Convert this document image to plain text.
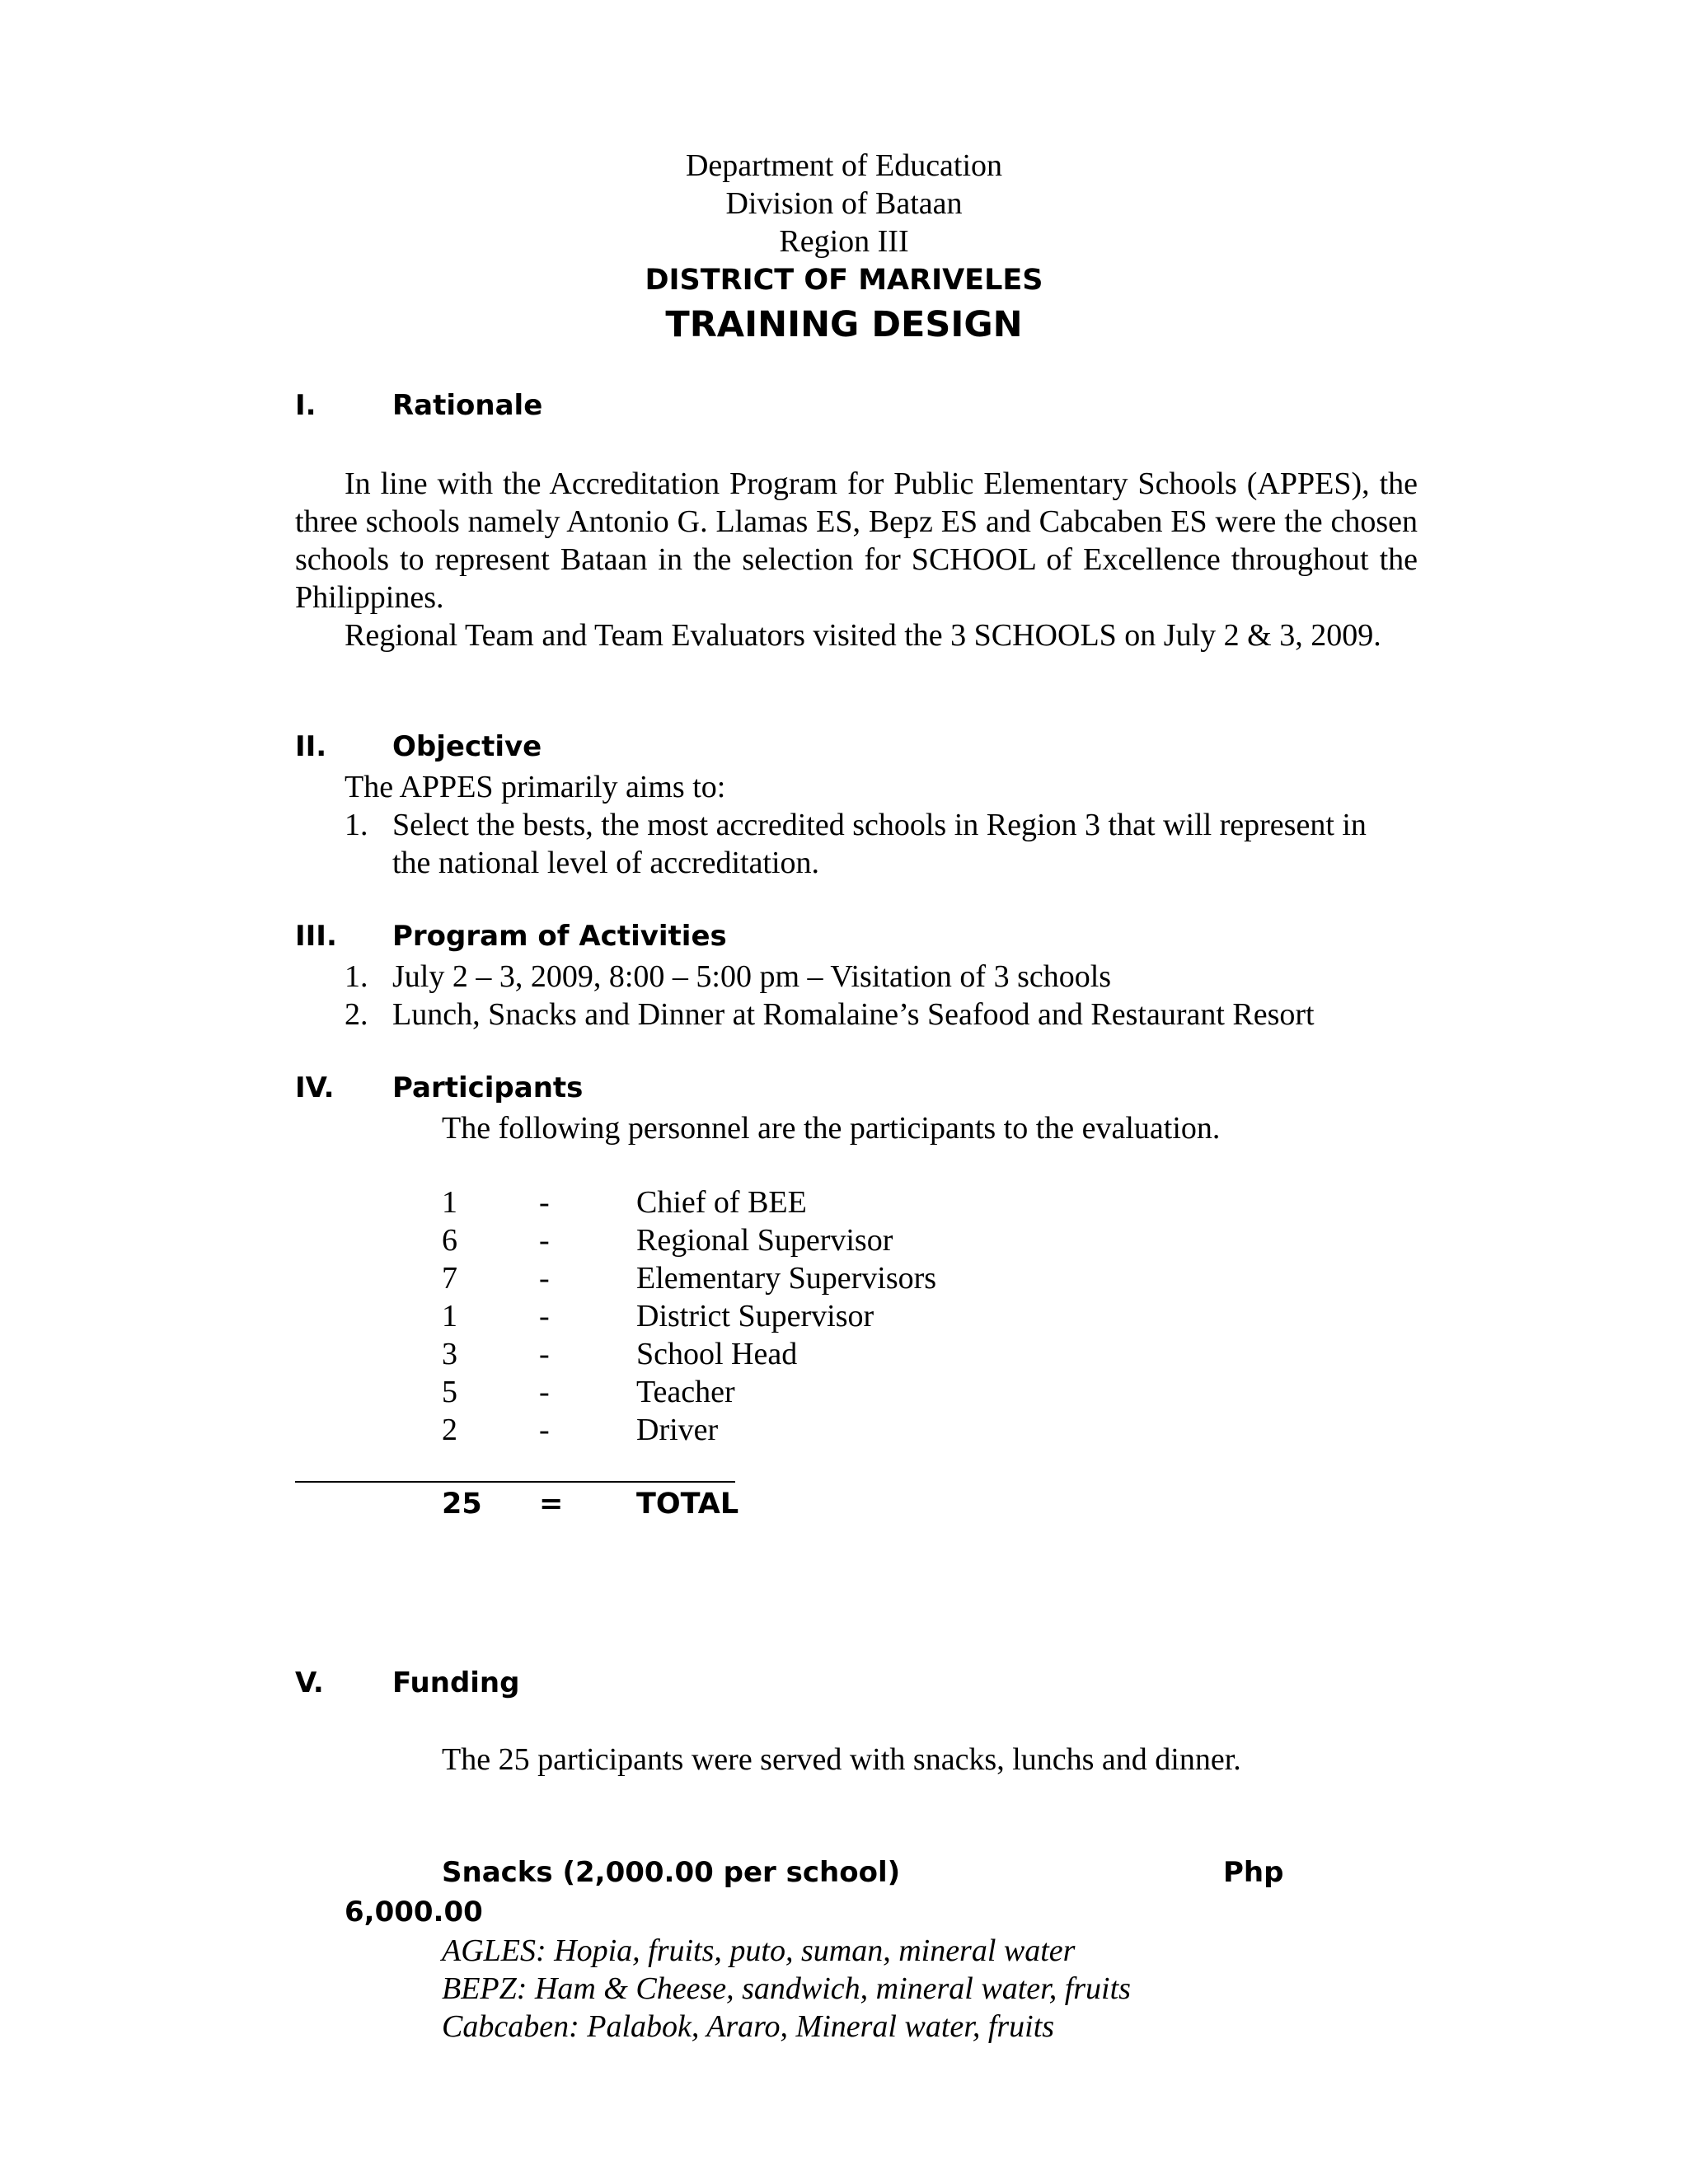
Department of Education

Division of Bataan

Region III

DISTRICT OF MARIVELES

TRAINING DESIGN

I.	Rationale

In line with the Accreditation Program for Public Elementary Schools (APPES), the three schools namely Antonio G. Llamas ES, Bepz ES and Cabcaben ES were the chosen schools to represent Bataan in the selection for SCHOOL of Excellence throughout the Philippines.

Regional Team and Team Evaluators visited the 3 SCHOOLS on July 2 & 3, 2009.

II.	Objective

The APPES primarily aims to:

1. Select the bests, the most accredited schools in Region 3 that will represent in

the national level of accreditation.

III.	Program of Activities

1. July 2 – 3, 2009, 8:00 – 5:00 pm – Visitation of 3 schools

2. Lunch, Snacks and Dinner at Romalaine’s Seafood and Restaurant Resort

IV.	Participants

The following personnel are the participants to the evaluation.

1	-	Chief of BEE
6	-	Regional Supervisor
7	-	Elementary Supervisors
1	-	District Supervisor
3	-	School Head
5	-	Teacher
2	-	Driver
25 =	TOTAL

V.	Funding

The 25 participants were served with snacks, lunchs and dinner.

Snacks (2,000.00 per school)	Php

6,000.00

AGLES: Hopia, fruits, puto, suman, mineral water

BEPZ: Ham & Cheese, sandwich, mineral water, fruits

Cabcaben: Palabok, Araro, Mineral water, fruits
